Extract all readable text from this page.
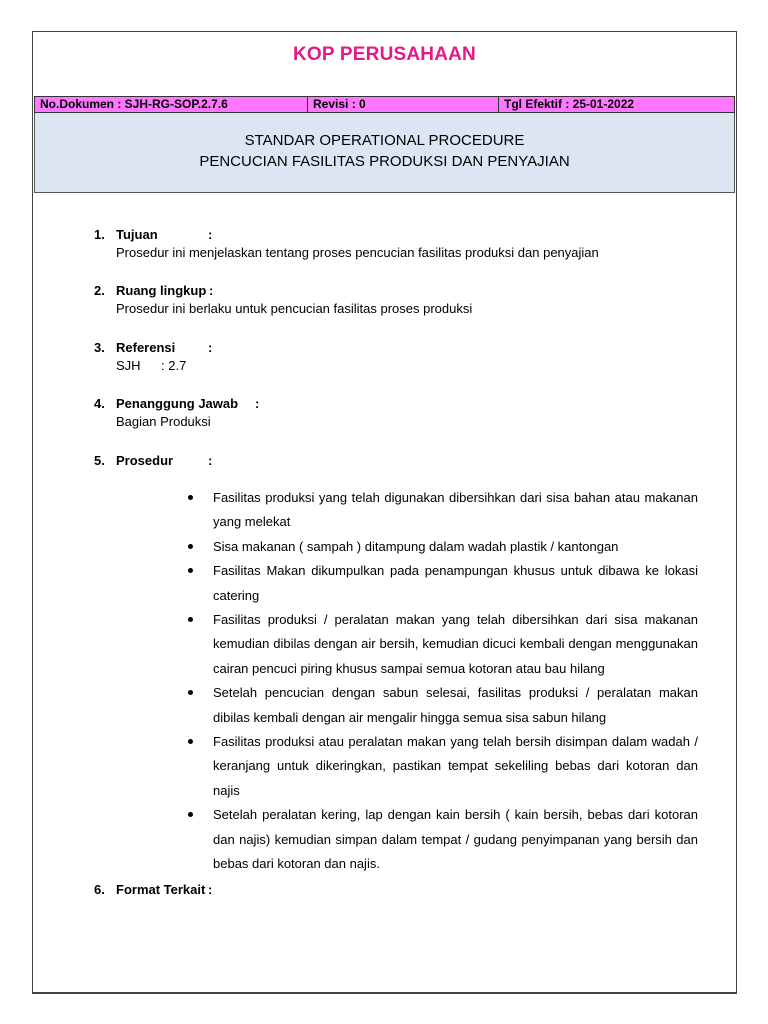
KOP PERUSAHAAN
No.Dokumen : SJH-RG-SOP.2.7.6	Revisi : 0	Tgl Efektif : 25-01-2022
STANDAR OPERATIONAL PROCEDURE
PENCUCIAN FASILITAS PRODUKSI DAN PENYAJIAN
1. Tujuan	:
Prosedur ini menjelaskan tentang proses pencucian fasilitas produksi dan penyajian
2. Ruang lingkup :
Prosedur ini berlaku untuk pencucian fasilitas proses produksi
3. Referensi	:
SJH : 2.7
4. Penanggung Jawab :
Bagian Produksi
5. Prosedur	:
Fasilitas produksi yang telah digunakan dibersihkan dari sisa bahan atau makanan yang melekat
Sisa makanan ( sampah ) ditampung dalam wadah plastik / kantongan
Fasilitas Makan dikumpulkan pada penampungan khusus untuk dibawa ke lokasi catering
Fasilitas produksi / peralatan makan yang telah dibersihkan dari sisa makanan kemudian dibilas dengan air bersih, kemudian dicuci kembali dengan menggunakan cairan pencuci piring khusus sampai semua kotoran atau bau hilang
Setelah pencucian dengan sabun selesai, fasilitas produksi / peralatan makan dibilas kembali dengan air mengalir hingga semua sisa sabun hilang
Fasilitas produksi atau peralatan makan yang telah bersih disimpan dalam wadah / keranjang untuk dikeringkan, pastikan tempat sekeliling bebas dari kotoran dan najis
Setelah peralatan kering, lap dengan kain bersih ( kain bersih, bebas dari kotoran dan najis) kemudian simpan dalam tempat / gudang penyimpanan yang bersih dan bebas dari kotoran dan najis.
6. Format Terkait :
